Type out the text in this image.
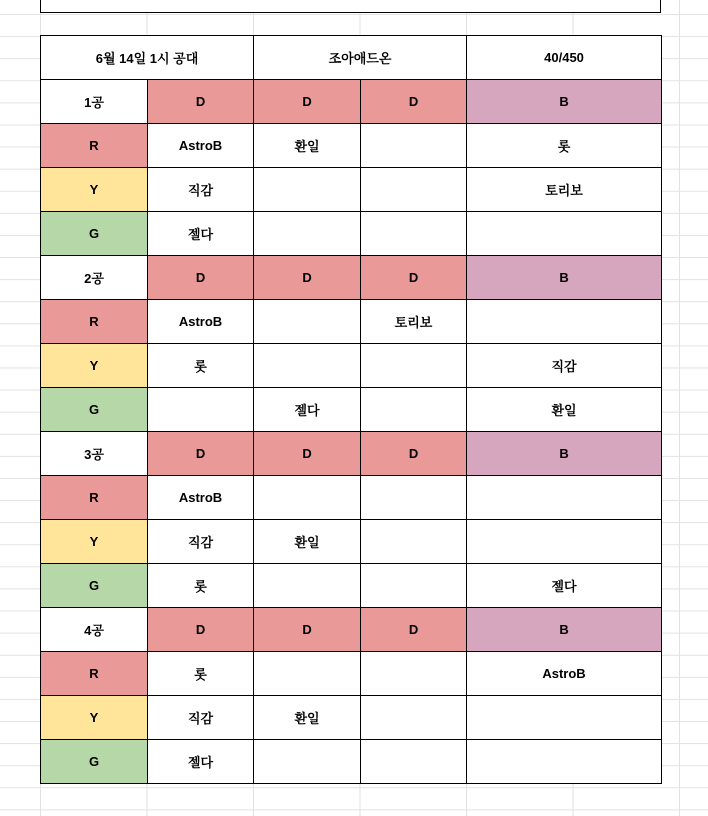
6월 14일 1시 공대		조아애드온		40/450
1공	D	D	D	B
R	AstroB	환일		롯
Y	직감			토리보
G	젤다			
2공	D	D	D	B
R	AstroB		토리보	
Y	롯			직감
G		젤다		환일
3공	D	D	D	B
R	AstroB			
Y	직감	환일		
G	롯			젤다
4공	D	D	D	B
R	롯			AstroB
Y	직감	환일		
G	젤다			
